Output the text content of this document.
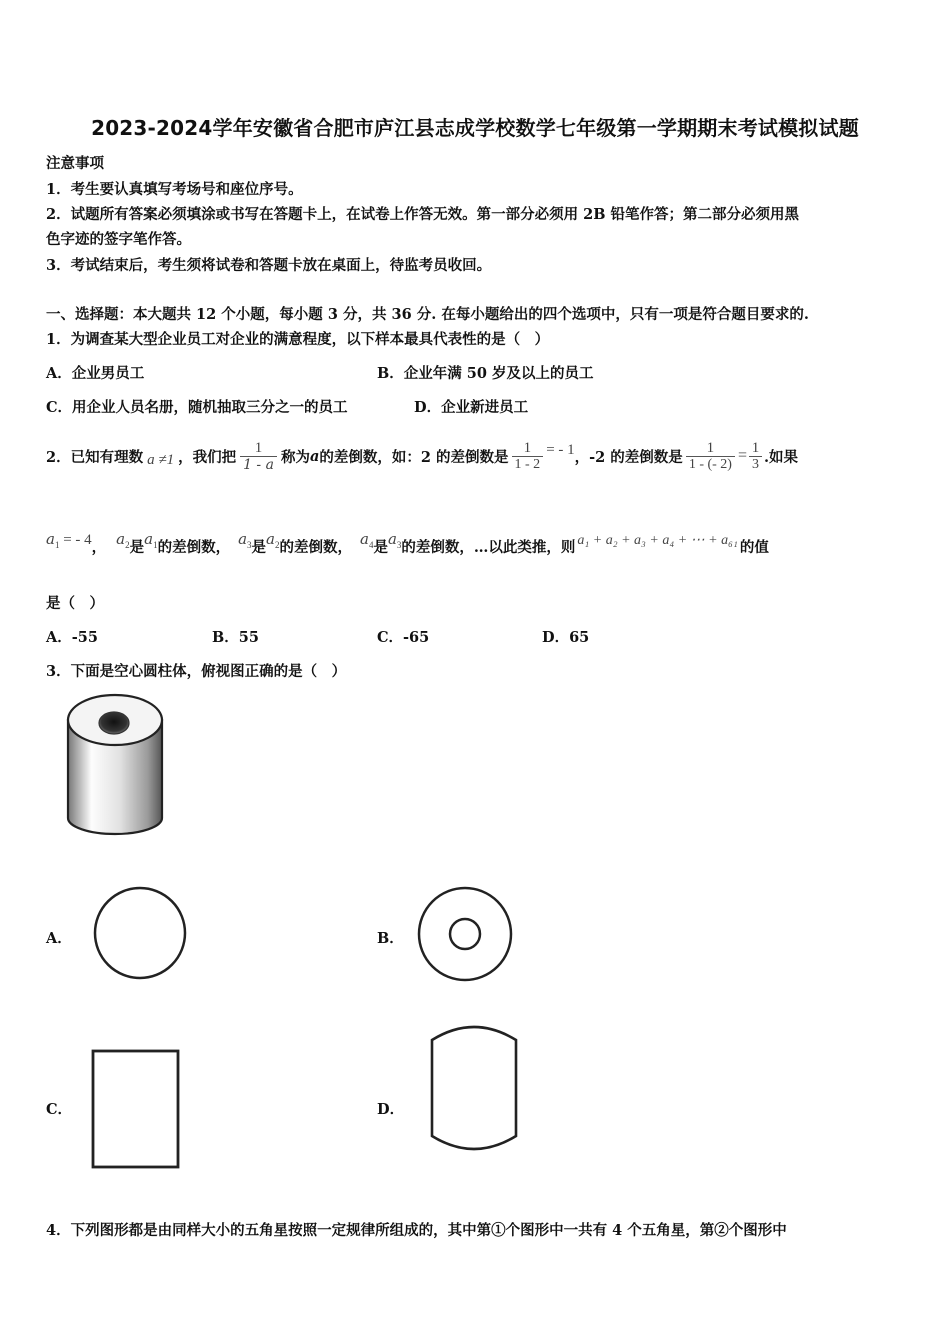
2023-2024学年安徽省合肥市庐江县志成学校数学七年级第一学期期末考试模拟试题
注意事项
1．考生要认真填写考场号和座位序号。
2．试题所有答案必须填涂或书写在答题卡上，在试卷上作答无效。第一部分必须用 2B 铅笔作答；第二部分必须用黑
色字迹的签字笔作答。
3．考试结束后，考生须将试卷和答题卡放在桌面上，待监考员收回。
一、选择题：本大题共 12 个小题，每小题 3 分，共 36 分. 在每小题给出的四个选项中，只有一项是符合题目要求的.
1．为调查某大型企业员工对企业的满意程度，以下样本最具代表性的是（　）
A．企业男员工	B．企业年满 50 岁及以上的员工
C．用企业人员名册，随机抽取三分之一的员工	D．企业新进员工
2．已知有理数 a ≠1 ，我们把 $\frac{1}{1 - a}$ 称为 a 的差倒数，如：2 的差倒数是 $\frac{1}{1 - 2}$ = - 1 ，-2 的差倒数是 $\frac{1}{1 - (- 2)} = \frac{1}{3}$ .如果
$a_1$ = - 4 ， $a_2$ 是 $a_1$ 的差倒数， $a_3$ 是 $a_2$ 的差倒数， $a_4$ 是 $a_3$ 的差倒数，…以此类推，则 a₁ + a₂ + a₃ + a₄ + ⋯ + a₆₁ 的值
是（　）
A．-55	B．55	C．-65	D．65
3．下面是空心圆柱体，俯视图正确的是（　）
A．	B．
C．	D．
4．下列图形都是由同样大小的五角星按照一定规律所组成的，其中第①个图形中一共有 4 个五角星，第②个图形中
